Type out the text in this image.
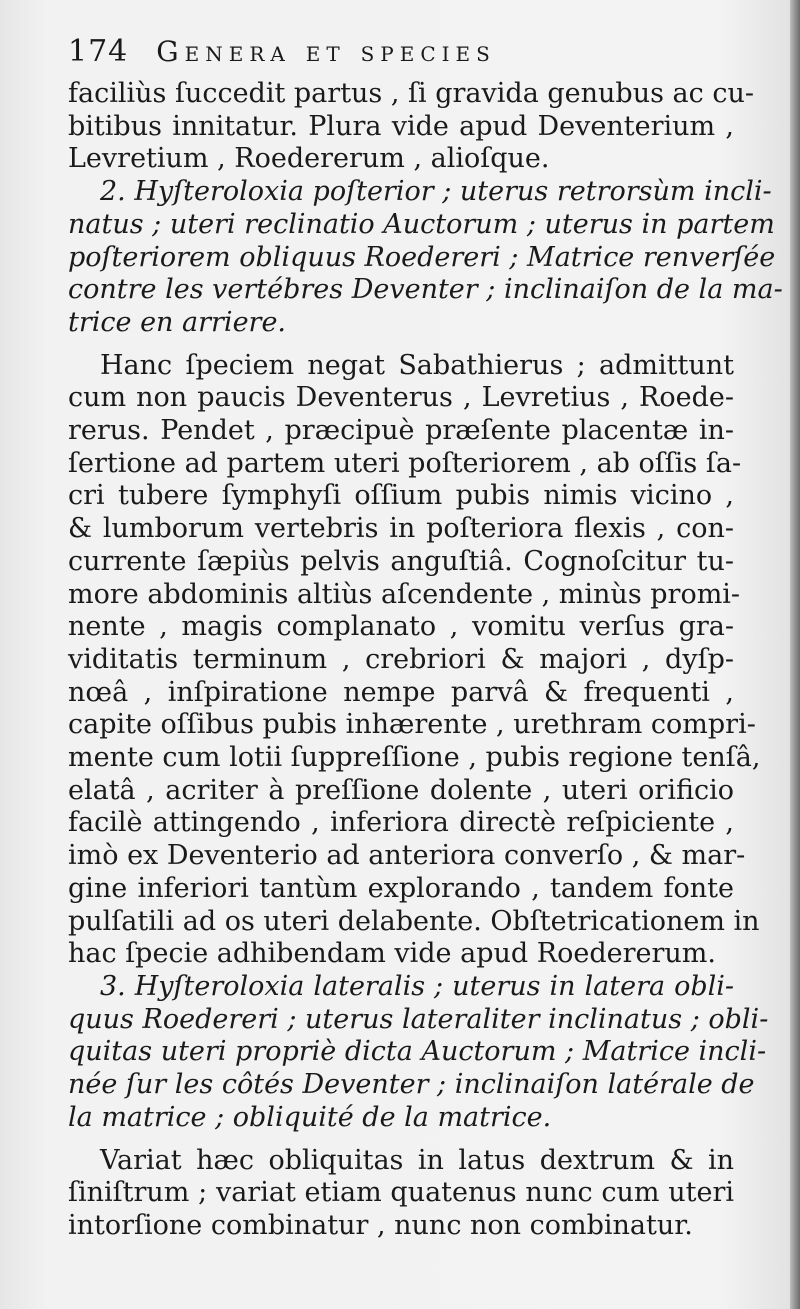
174 Genera et species
faciliùs ſuccedit partus , ſi gravida genubus ac cu-
bitibus innitatur. Plura vide apud Deventerium ,
Levretium , Roedererum , alioſque.
2. Hyſteroloxia poſterior ; uterus retrorsùm incli-
natus ; uteri reclinatio Auctorum ; uterus in partem
poſteriorem obliquus Roedereri ; Matrice renverſée
contre les vertébres Deventer ; inclinaiſon de la ma-
trice en arriere.
Hanc ſpeciem negat Sabathierus ; admittunt
cum non paucis Deventerus , Levretius , Roede-
rerus. Pendet , præcipuè præſente placentæ in-
ſertione ad partem uteri poſteriorem , ab oſſis ſa-
cri tubere ſymphyſi oſſium pubis nimis vicino ,
& lumborum vertebris in poſteriora flexis , con-
currente ſæpiùs pelvis anguſtiâ. Cognoſcitur tu-
more abdominis altiùs aſcendente , minùs promi-
nente , magis complanato , vomitu verſus gra-
viditatis terminum , crebriori & majori , dyſp-
nœâ , inſpiratione nempe parvâ & frequenti ,
capite oſſibus pubis inhærente , urethram compri-
mente cum lotii ſuppreſſione , pubis regione tenſâ,
elatâ , acriter à preſſione dolente , uteri orificio
facilè attingendo , inferiora directè reſpiciente ,
imò ex Deventerio ad anteriora converſo , & mar-
gine inferiori tantùm explorando , tandem fonte
pulſatili ad os uteri delabente. Obſtetricationem in
hac ſpecie adhibendam vide apud Roedererum.
3. Hyſteroloxia lateralis ; uterus in latera obli-
quus Roedereri ; uterus lateraliter inclinatus ; obli-
quitas uteri propriè dicta Auctorum ; Matrice incli-
née ſur les côtés Deventer ; inclinaiſon latérale de
la matrice ; obliquité de la matrice.
Variat hæc obliquitas in latus dextrum & in
ſiniſtrum ; variat etiam quatenus nunc cum uteri
intorſione combinatur , nunc non combinatur.
